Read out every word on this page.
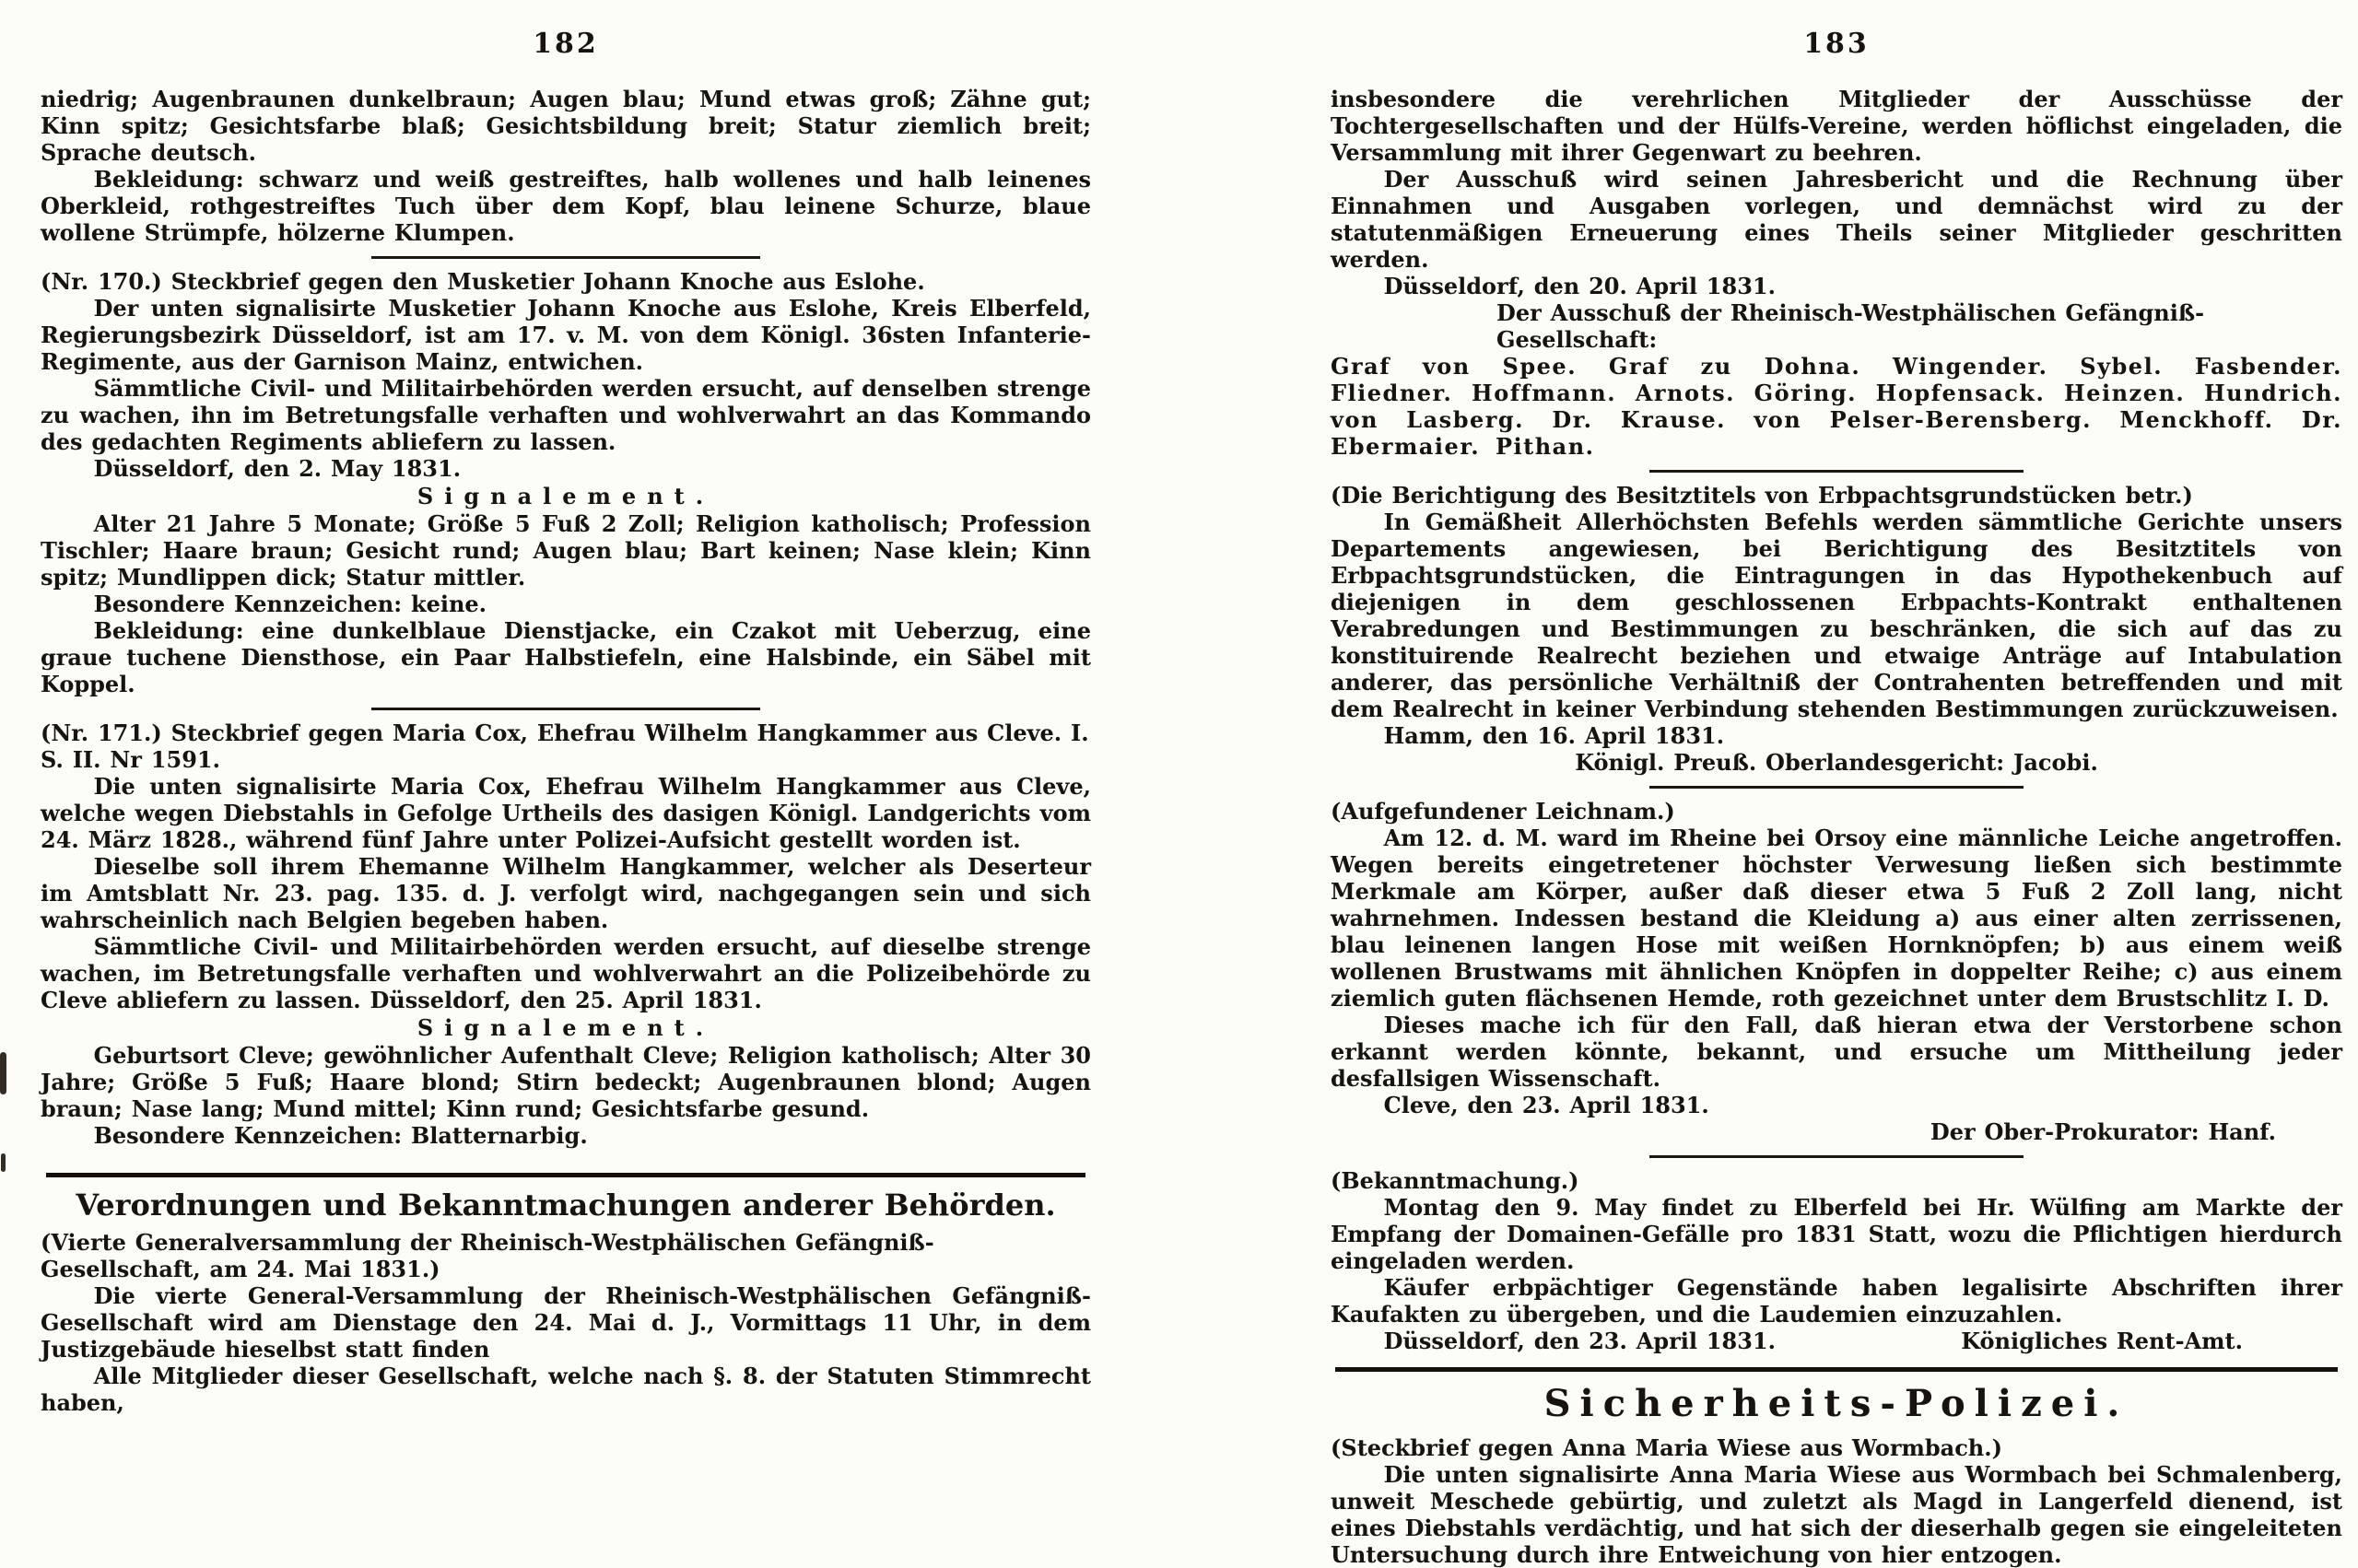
182

niedrig; Augenbraunen dunkelbraun; Augen blau; Mund etwas groß; Zähne gut; Kinn spitz; Gesichtsfarbe blaß; Gesichtsbildung breit; Statur ziemlich breit; Sprache deutsch.

Bekleidung: schwarz und weiß gestreiftes, halb wollenes und halb leinenes Oberkleid, rothgestreiftes Tuch über dem Kopf, blau leinene Schurze, blaue wollene Strümpfe, hölzerne Klumpen.

(Nr. 170.) Steckbrief gegen den Musketier Johann Knoche aus Eslohe.

Der unten signalisirte Musketier Johann Knoche aus Eslohe, Kreis Elberfeld, Regierungsbezirk Düsseldorf, ist am 17. v. M. von dem Königl. 36sten Infanterie-Regimente, aus der Garnison Mainz, entwichen.

Sämmtliche Civil- und Militairbehörden werden ersucht, auf denselben strenge zu wachen, ihn im Betretungsfalle verhaften und wohlverwahrt an das Kommando des gedachten Regiments abliefern zu lassen.

Düsseldorf, den 2. May 1831.

Signalement.

Alter 21 Jahre 5 Monate; Größe 5 Fuß 2 Zoll; Religion katholisch; Profession Tischler; Haare braun; Gesicht rund; Augen blau; Bart keinen; Nase klein; Kinn spitz; Mundlippen dick; Statur mittler.

Besondere Kennzeichen: keine.

Bekleidung: eine dunkelblaue Dienstjacke, ein Czakot mit Ueberzug, eine graue tuchene Diensthose, ein Paar Halbstiefeln, eine Halsbinde, ein Säbel mit Koppel.

(Nr. 171.) Steckbrief gegen Maria Cox, Ehefrau Wilhelm Hangkammer aus Cleve. I. S. II. Nr 1591.

Die unten signalisirte Maria Cox, Ehefrau Wilhelm Hangkammer aus Cleve, welche wegen Diebstahls in Gefolge Urtheils des dasigen Königl. Landgerichts vom 24. März 1828., während fünf Jahre unter Polizei-Aufsicht gestellt worden ist.

Dieselbe soll ihrem Ehemanne Wilhelm Hangkammer, welcher als Deserteur im Amtsblatt Nr. 23. pag. 135. d. J. verfolgt wird, nachgegangen sein und sich wahrscheinlich nach Belgien begeben haben.

Sämmtliche Civil- und Militairbehörden werden ersucht, auf dieselbe strenge wachen, im Betretungsfalle verhaften und wohlverwahrt an die Polizeibehörde zu Cleve abliefern zu lassen. Düsseldorf, den 25. April 1831.

Signalement.

Geburtsort Cleve; gewöhnlicher Aufenthalt Cleve; Religion katholisch; Alter 30 Jahre; Größe 5 Fuß; Haare blond; Stirn bedeckt; Augenbraunen blond; Augen braun; Nase lang; Mund mittel; Kinn rund; Gesichtsfarbe gesund.

Besondere Kennzeichen: Blatternarbig.

Verordnungen und Bekanntmachungen anderer Behörden.

(Vierte Generalversammlung der Rheinisch-Westphälischen Gefängniß-Gesellschaft, am 24. Mai 1831.)

Die vierte General-Versammlung der Rheinisch-Westphälischen Gefängniß-Gesellschaft wird am Dienstage den 24. Mai d. J., Vormittags 11 Uhr, in dem Justizgebäude hieselbst statt finden

Alle Mitglieder dieser Gesellschaft, welche nach §. 8. der Statuten Stimmrecht haben,

183

insbesondere die verehrlichen Mitglieder der Ausschüsse der Tochtergesellschaften und der Hülfs-Vereine, werden höflichst eingeladen, die Versammlung mit ihrer Gegenwart zu beehren.

Der Ausschuß wird seinen Jahresbericht und die Rechnung über Einnahmen und Ausgaben vorlegen, und demnächst wird zu der statutenmäßigen Erneuerung eines Theils seiner Mitglieder geschritten werden.

Düsseldorf, den 20. April 1831.

Der Ausschuß der Rheinisch-Westphälischen Gefängniß-Gesellschaft:

Graf von Spee. Graf zu Dohna. Wingender. Sybel. Fasbender. Fliedner. Hoffmann. Arnots. Göring. Hopfensack. Heinzen. Hundrich. von Lasberg. Dr. Krause. von Pelser-Berensberg. Menckhoff. Dr. Ebermaier. Pithan.

(Die Berichtigung des Besitztitels von Erbpachtsgrundstücken betr.)

In Gemäßheit Allerhöchsten Befehls werden sämmtliche Gerichte unsers Departements angewiesen, bei Berichtigung des Besitztitels von Erbpachtsgrundstücken, die Eintragungen in das Hypothekenbuch auf diejenigen in dem geschlossenen Erbpachts-Kontrakt enthaltenen Verabredungen und Bestimmungen zu beschränken, die sich auf das zu konstituirende Realrecht beziehen und etwaige Anträge auf Intabulation anderer, das persönliche Verhältniß der Contrahenten betreffenden und mit dem Realrecht in keiner Verbindung stehenden Bestimmungen zurückzuweisen.

Hamm, den 16. April 1831.

Königl. Preuß. Oberlandesgericht: Jacobi.

(Aufgefundener Leichnam.)

Am 12. d. M. ward im Rheine bei Orsoy eine männliche Leiche angetroffen. Wegen bereits eingetretener höchster Verwesung ließen sich bestimmte Merkmale am Körper, außer daß dieser etwa 5 Fuß 2 Zoll lang, nicht wahrnehmen. Indessen bestand die Kleidung a) aus einer alten zerrissenen, blau leinenen langen Hose mit weißen Hornknöpfen; b) aus einem weiß wollenen Brustwams mit ähnlichen Knöpfen in doppelter Reihe; c) aus einem ziemlich guten flächsenen Hemde, roth gezeichnet unter dem Brustschlitz I. D.

Dieses mache ich für den Fall, daß hieran etwa der Verstorbene schon erkannt werden könnte, bekannt, und ersuche um Mittheilung jeder desfallsigen Wissenschaft.

Cleve, den 23. April 1831.

Der Ober-Prokurator: Hanf.

(Bekanntmachung.)

Montag den 9. May findet zu Elberfeld bei Hr. Wülfing am Markte der Empfang der Domainen-Gefälle pro 1831 Statt, wozu die Pflichtigen hierdurch eingeladen werden.

Käufer erbpächtiger Gegenstände haben legalisirte Abschriften ihrer Kaufakten zu übergeben, und die Laudemien einzuzahlen.

Düsseldorf, den 23. April 1831.	Königliches Rent-Amt.

Sicherheits-Polizei.

(Steckbrief gegen Anna Maria Wiese aus Wormbach.)

Die unten signalisirte Anna Maria Wiese aus Wormbach bei Schmalenberg, unweit Meschede gebürtig, und zuletzt als Magd in Langerfeld dienend, ist eines Diebstahls verdächtig, und hat sich der dieserhalb gegen sie eingeleiteten Untersuchung durch ihre Entweichung von hier entzogen.
